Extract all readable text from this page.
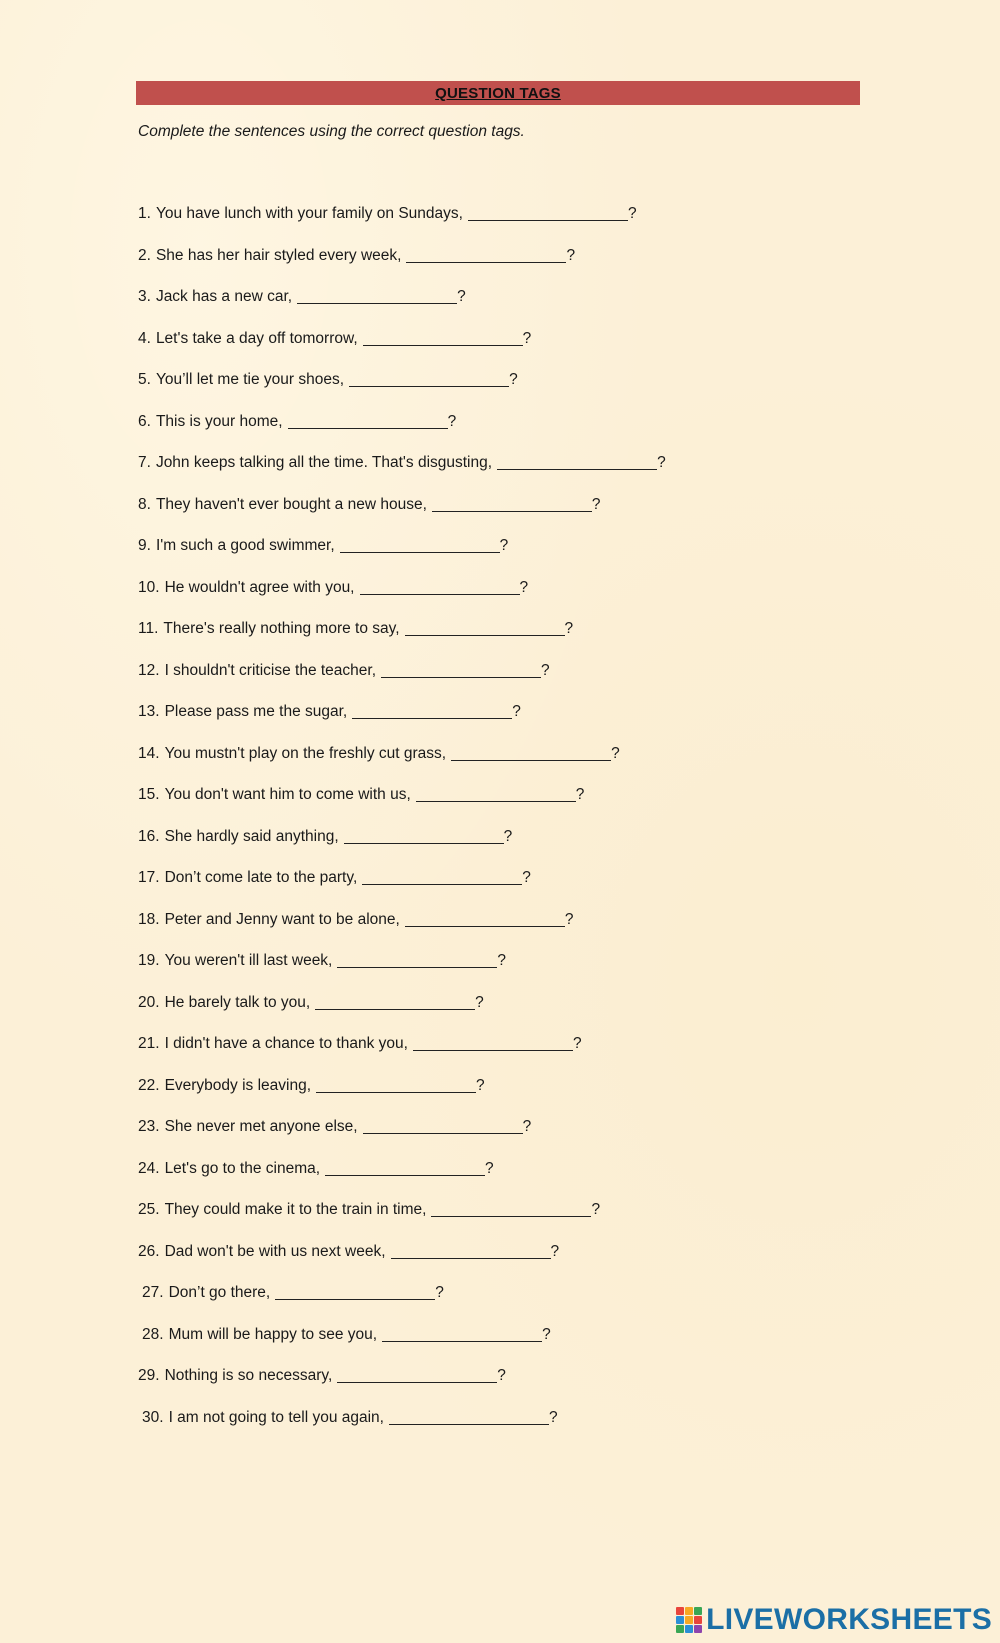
QUESTION TAGS
Complete the sentences using the correct question tags.
1. You have lunch with your family on Sundays,	?
2. She has her hair styled every week,	?
3. Jack has a new car,	?
4. Let's take a day off tomorrow,	?
5. You’ll let me tie your shoes,	?
6. This is your home,	?
7. John keeps talking all the time. That's disgusting,	?
8. They haven't ever bought a new house,	?
9. I'm such a good swimmer,	?
10. He wouldn't agree with you,	?
11. There's really nothing more to say,	?
12. I shouldn't criticise the teacher,	?
13. Please pass me the sugar,	?
14. You mustn't play on the freshly cut grass,	?
15. You don't want him to come with us,	?
16. She hardly said anything,	?
17. Don’t come late to the party,	?
18. Peter and Jenny want to be alone,	?
19. You weren't ill last week,	?
20. He barely talk to you,	?
21. I didn't have a chance to thank you,	?
22. Everybody is leaving,	?
23. She never met anyone else,	?
24. Let's go to the cinema,	?
25. They could make it to the train in time,	?
26. Dad won't be with us next week,	?
27. Don’t go there,	?
28. Mum will be happy to see you,	?
29. Nothing is so necessary,	?
30. I am not going to tell you again,	?
LIVEWORKSHEETS
